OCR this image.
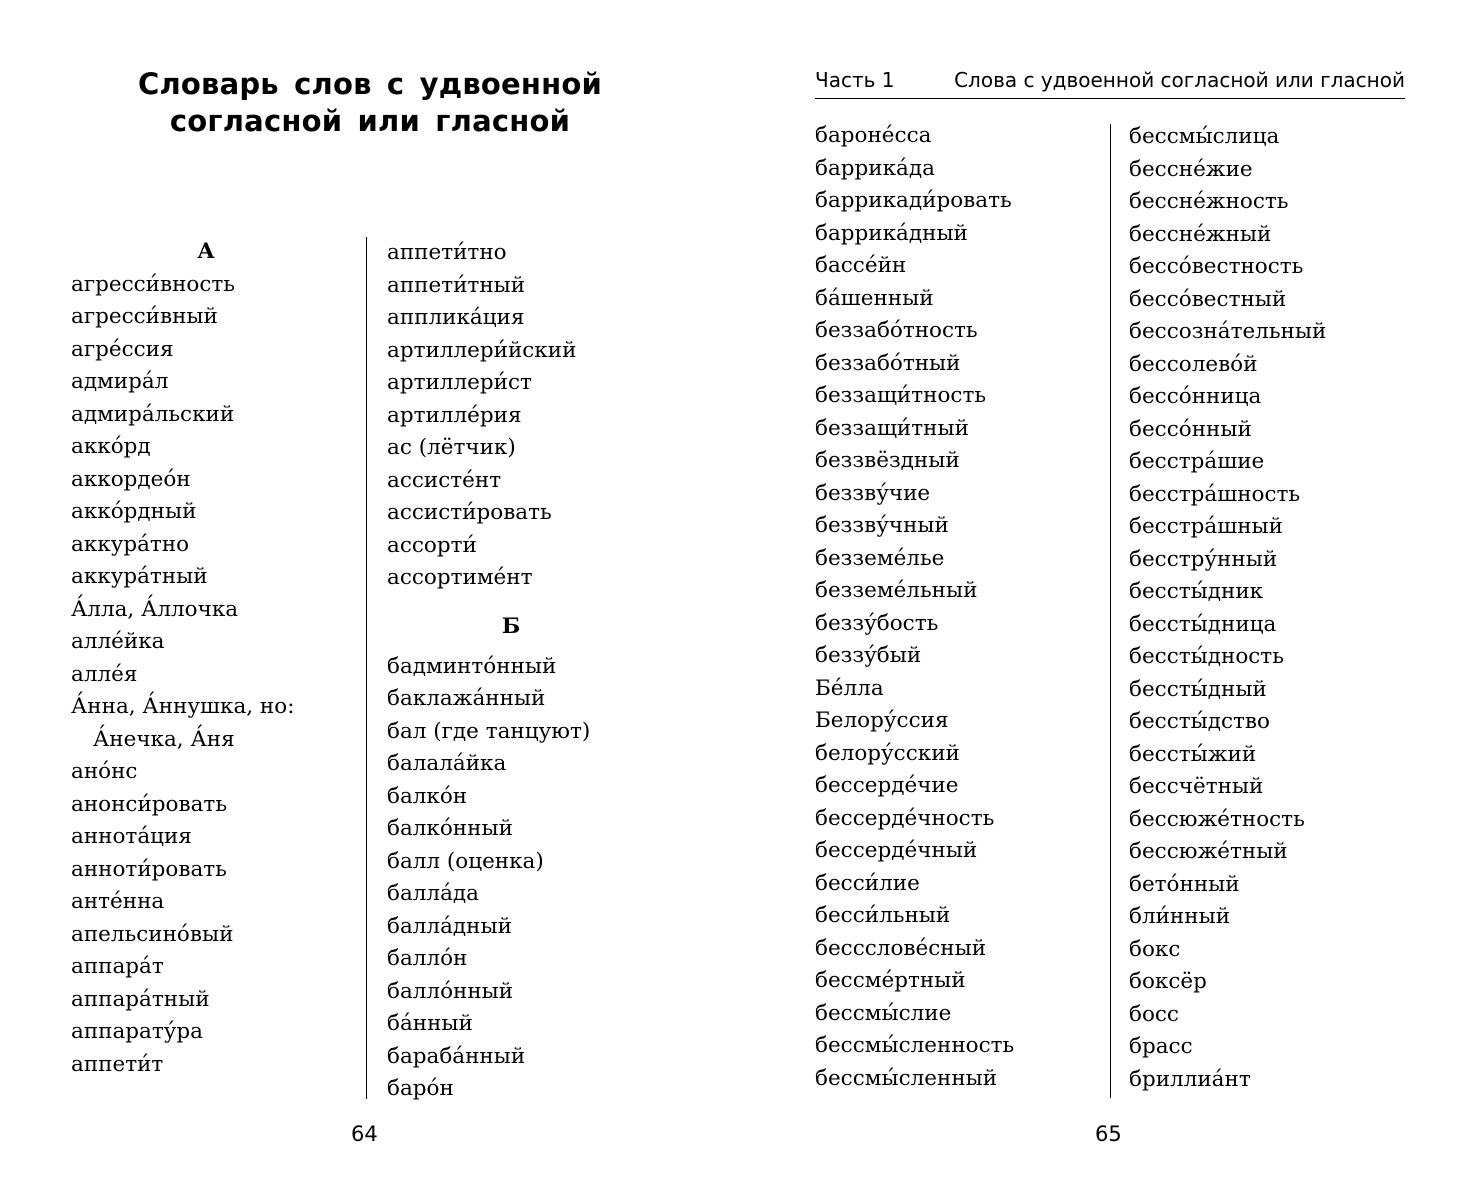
Словарь слов с удвоенной
согласной или гласной
А
агресси́вность
агресси́вный
агре́ссия
адмира́л
адмира́льский
акко́рд
аккордео́н
акко́рдный
аккура́тно
аккура́тный
А́лла, А́ллочка
алле́йка
алле́я
А́нна, А́ннушка, но:
А́нечка, А́ня
ано́нс
анонси́ровать
аннота́ция
аннoти́ровать
анте́нна
апельсино́вый
аппара́т
аппара́тный
аппарату́ра
аппети́т
аппети́тно
аппети́тный
аппликáция
артиллери́йский
артиллери́ст
артилле́рия
ас (лётчик)
ассисте́нт
ассисти́ровать
ассорти́
ассортиме́нт
Б
бадминто́нный
баклажа́нный
бал (где танцуют)
балала́йка
балко́н
балко́нный
балл (оценка)
балла́да
балла́дный
балло́н
балло́нный
ба́нный
бараба́нный
баро́н
64
Часть 1	Слова с удвоенной согласной или гласной
бароне́сса
баррика́да
баррикади́ровать
баррика́дный
бассе́йн
ба́шенный
беззабо́тность
беззабо́тный
беззащи́тность
беззащи́тный
беззвёздный
беззву́чие
беззву́чный
безземе́лье
безземе́льный
беззу́бость
беззу́бый
Бе́лла
Белору́ссия
белору́сский
бессерде́чие
бессерде́чность
бессерде́чный
бесси́лие
бесси́льный
бессслове́сный
бессме́ртный
бессмы́слие
бессмы́сленность
бессмы́сленный
бессмы́слица
бессне́жие
бессне́жность
бессне́жный
бессо́вестность
бессо́вестный
бессозна́тельный
бессолево́й
бессо́нница
бессо́нный
бесстра́шие
бесстра́шность
бесстра́шный
бесстру́нный
бессты́дник
бессты́дница
бессты́дность
бессты́дный
бессты́дство
бессты́жий
бессчётный
бессюже́тность
бессюже́тный
бето́нный
бли́нный
бокс
боксёр
босс
брасс
бриллиа́нт
65
